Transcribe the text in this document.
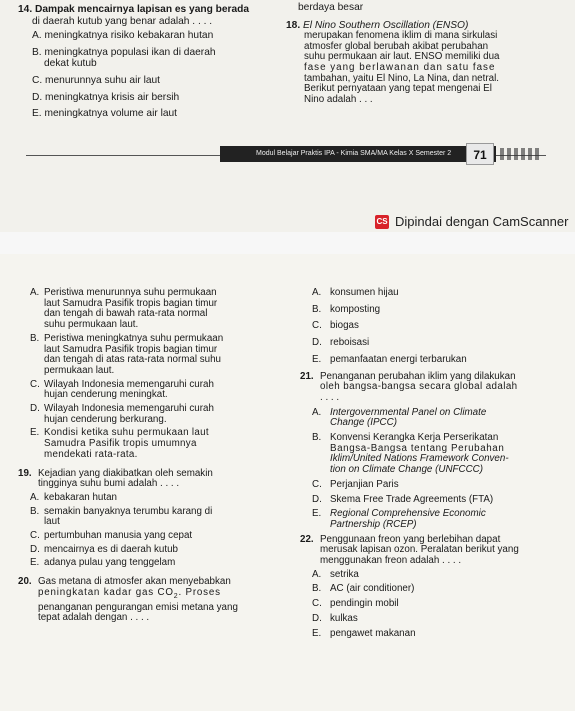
14. Dampak mencairnya lapisan es yang berada
di daerah kutub yang benar adalah . . . .
A. meningkatnya risiko kebakaran hutan
B. meningkatnya populasi ikan di daerah
dekat kutub
C. menurunnya suhu air laut
D. meningkatnya krisis air bersih
E. meningkatnya volume air laut
berdaya besar
18. El Nino Southern Oscillation (ENSO)
merupakan fenomena iklim di mana sirkulasi
atmosfer global berubah akibat perubahan
suhu permukaan air laut. ENSO memiliki dua
fase yang berlawanan dan satu fase
tambahan, yaitu El Nino, La Nina, dan netral.
Berikut pernyataan yang tepat mengenai El
Nino adalah . . .
Modul Belajar Praktis IPA - Kimia SMA/MA Kelas X Semester 2	71
CS Dipindai dengan CamScanner
A. Peristiwa menurunnya suhu permukaan
laut Samudra Pasifik tropis bagian timur
dan tengah di bawah rata-rata normal
suhu permukaan laut.
B. Peristiwa meningkatnya suhu permukaan
laut Samudra Pasifik tropis bagian timur
dan tengah di atas rata-rata normal suhu
permukaan laut.
C. Wilayah Indonesia memengaruhi curah
hujan cenderung meningkat.
D. Wilayah Indonesia memengaruhi curah
hujan cenderung berkurang.
E. Kondisi ketika suhu permukaan laut
Samudra Pasifik tropis umumnya
mendekati rata-rata.
19. Kejadian yang diakibatkan oleh semakin
tingginya suhu bumi adalah . . . .
A. kebakaran hutan
B. semakin banyaknya terumbu karang di
laut
C. pertumbuhan manusia yang cepat
D. mencairnya es di daerah kutub
E. adanya pulau yang tenggelam
20. Gas metana di atmosfer akan menyebabkan
peningkatan kadar gas $CO_2$. Proses
penanganan pengurangan emisi metana yang
tepat adalah dengan . . . .
A. konsumen hijau
B. komposting
C. biogas
D. reboisasi
E. pemanfaatan energi terbarukan
21. Penanganan perubahan iklim yang dilakukan
oleh bangsa-bangsa secara global adalah
. . . .
A. Intergovernmental Panel on Climate
Change (IPCC)
B. Konvensi Kerangka Kerja Perserikatan
Bangsa-Bangsa tentang Perubahan
Iklim/United Nations Framework Conven-
tion on Climate Change (UNFCCC)
C. Perjanjian Paris
D. Skema Free Trade Agreements (FTA)
E. Regional Comprehensive Economic
Partnership (RCEP)
22. Penggunaan freon yang berlebihan dapat
merusak lapisan ozon. Peralatan berikut yang
menggunakan freon adalah . . . .
A. setrika
B. AC (air conditioner)
C. pendingin mobil
D. kulkas
E. pengawet makanan
